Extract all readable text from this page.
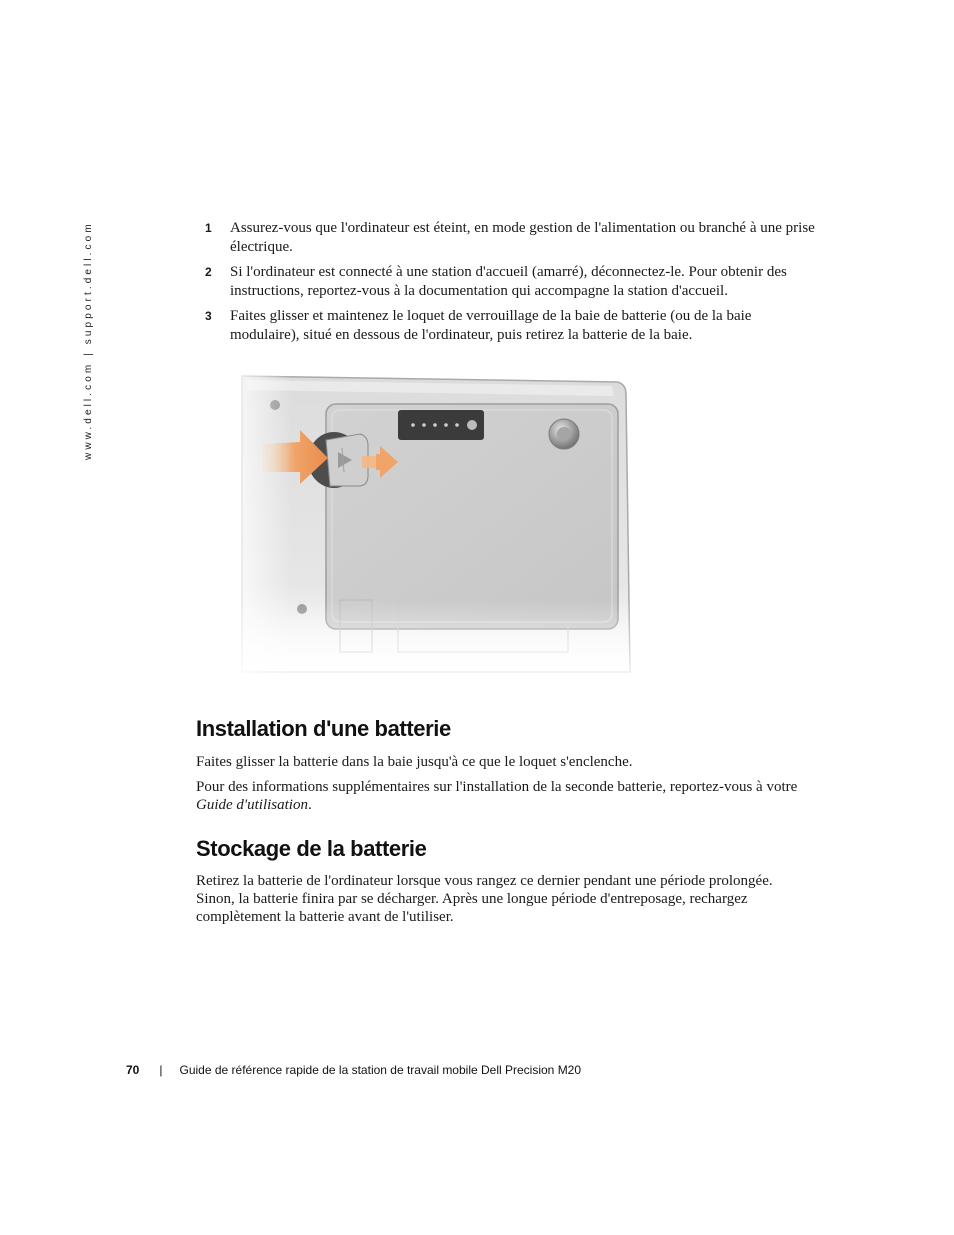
www.dell.com | support.dell.com	1 Assurez-vous que l'ordinateur est éteint, en mode gestion de l'alimentation ou branché à une prise électrique.
2 Si l'ordinateur est connecté à une station d'accueil (amarré), déconnectez-le. Pour obtenir des instructions, reportez-vous à la documentation qui accompagne la station d'accueil.
3 Faites glisser et maintenez le loquet de verrouillage de la baie de batterie (ou de la baie modulaire), situé en dessous de l'ordinateur, puis retirez la batterie de la baie.
Installation d'une batterie

Faites glisser la batterie dans la baie jusqu'à ce que le loquet s'enclenche.

Pour des informations supplémentaires sur l'installation de la seconde batterie, reportez-vous à votre Guide d'utilisation.

Stockage de la batterie

Retirez la batterie de l'ordinateur lorsque vous rangez ce dernier pendant une période prolongée. Sinon, la batterie finira par se décharger. Après une longue période d'entreposage, rechargez complètement la batterie avant de l'utiliser.

70 | Guide de référence rapide de la station de travail mobile Dell Precision M20
